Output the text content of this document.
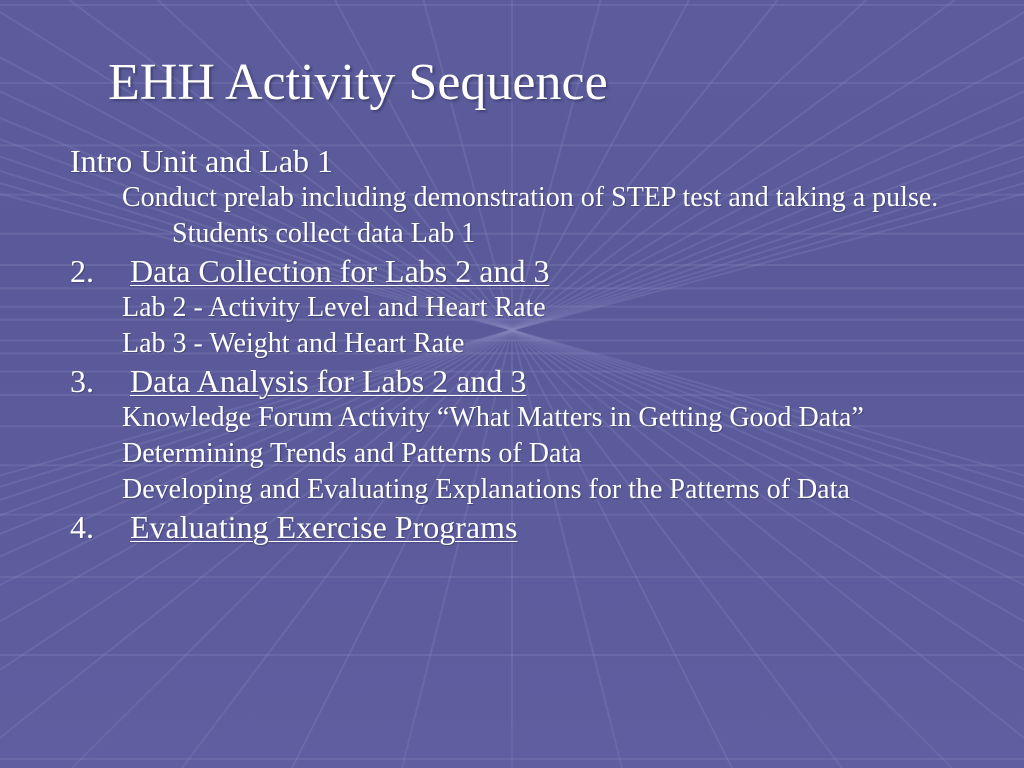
EHH Activity Sequence
Intro Unit and Lab 1
Conduct prelab including demonstration of STEP test and taking a pulse. Students collect data Lab 1
2. Data Collection for Labs 2 and 3
Lab 2 - Activity Level and Heart Rate
Lab 3 - Weight and Heart Rate
3. Data Analysis for Labs 2 and 3
Knowledge Forum Activity “What Matters in Getting Good Data”
Determining Trends and Patterns of Data
Developing and Evaluating Explanations for the Patterns of Data
4. Evaluating Exercise Programs
